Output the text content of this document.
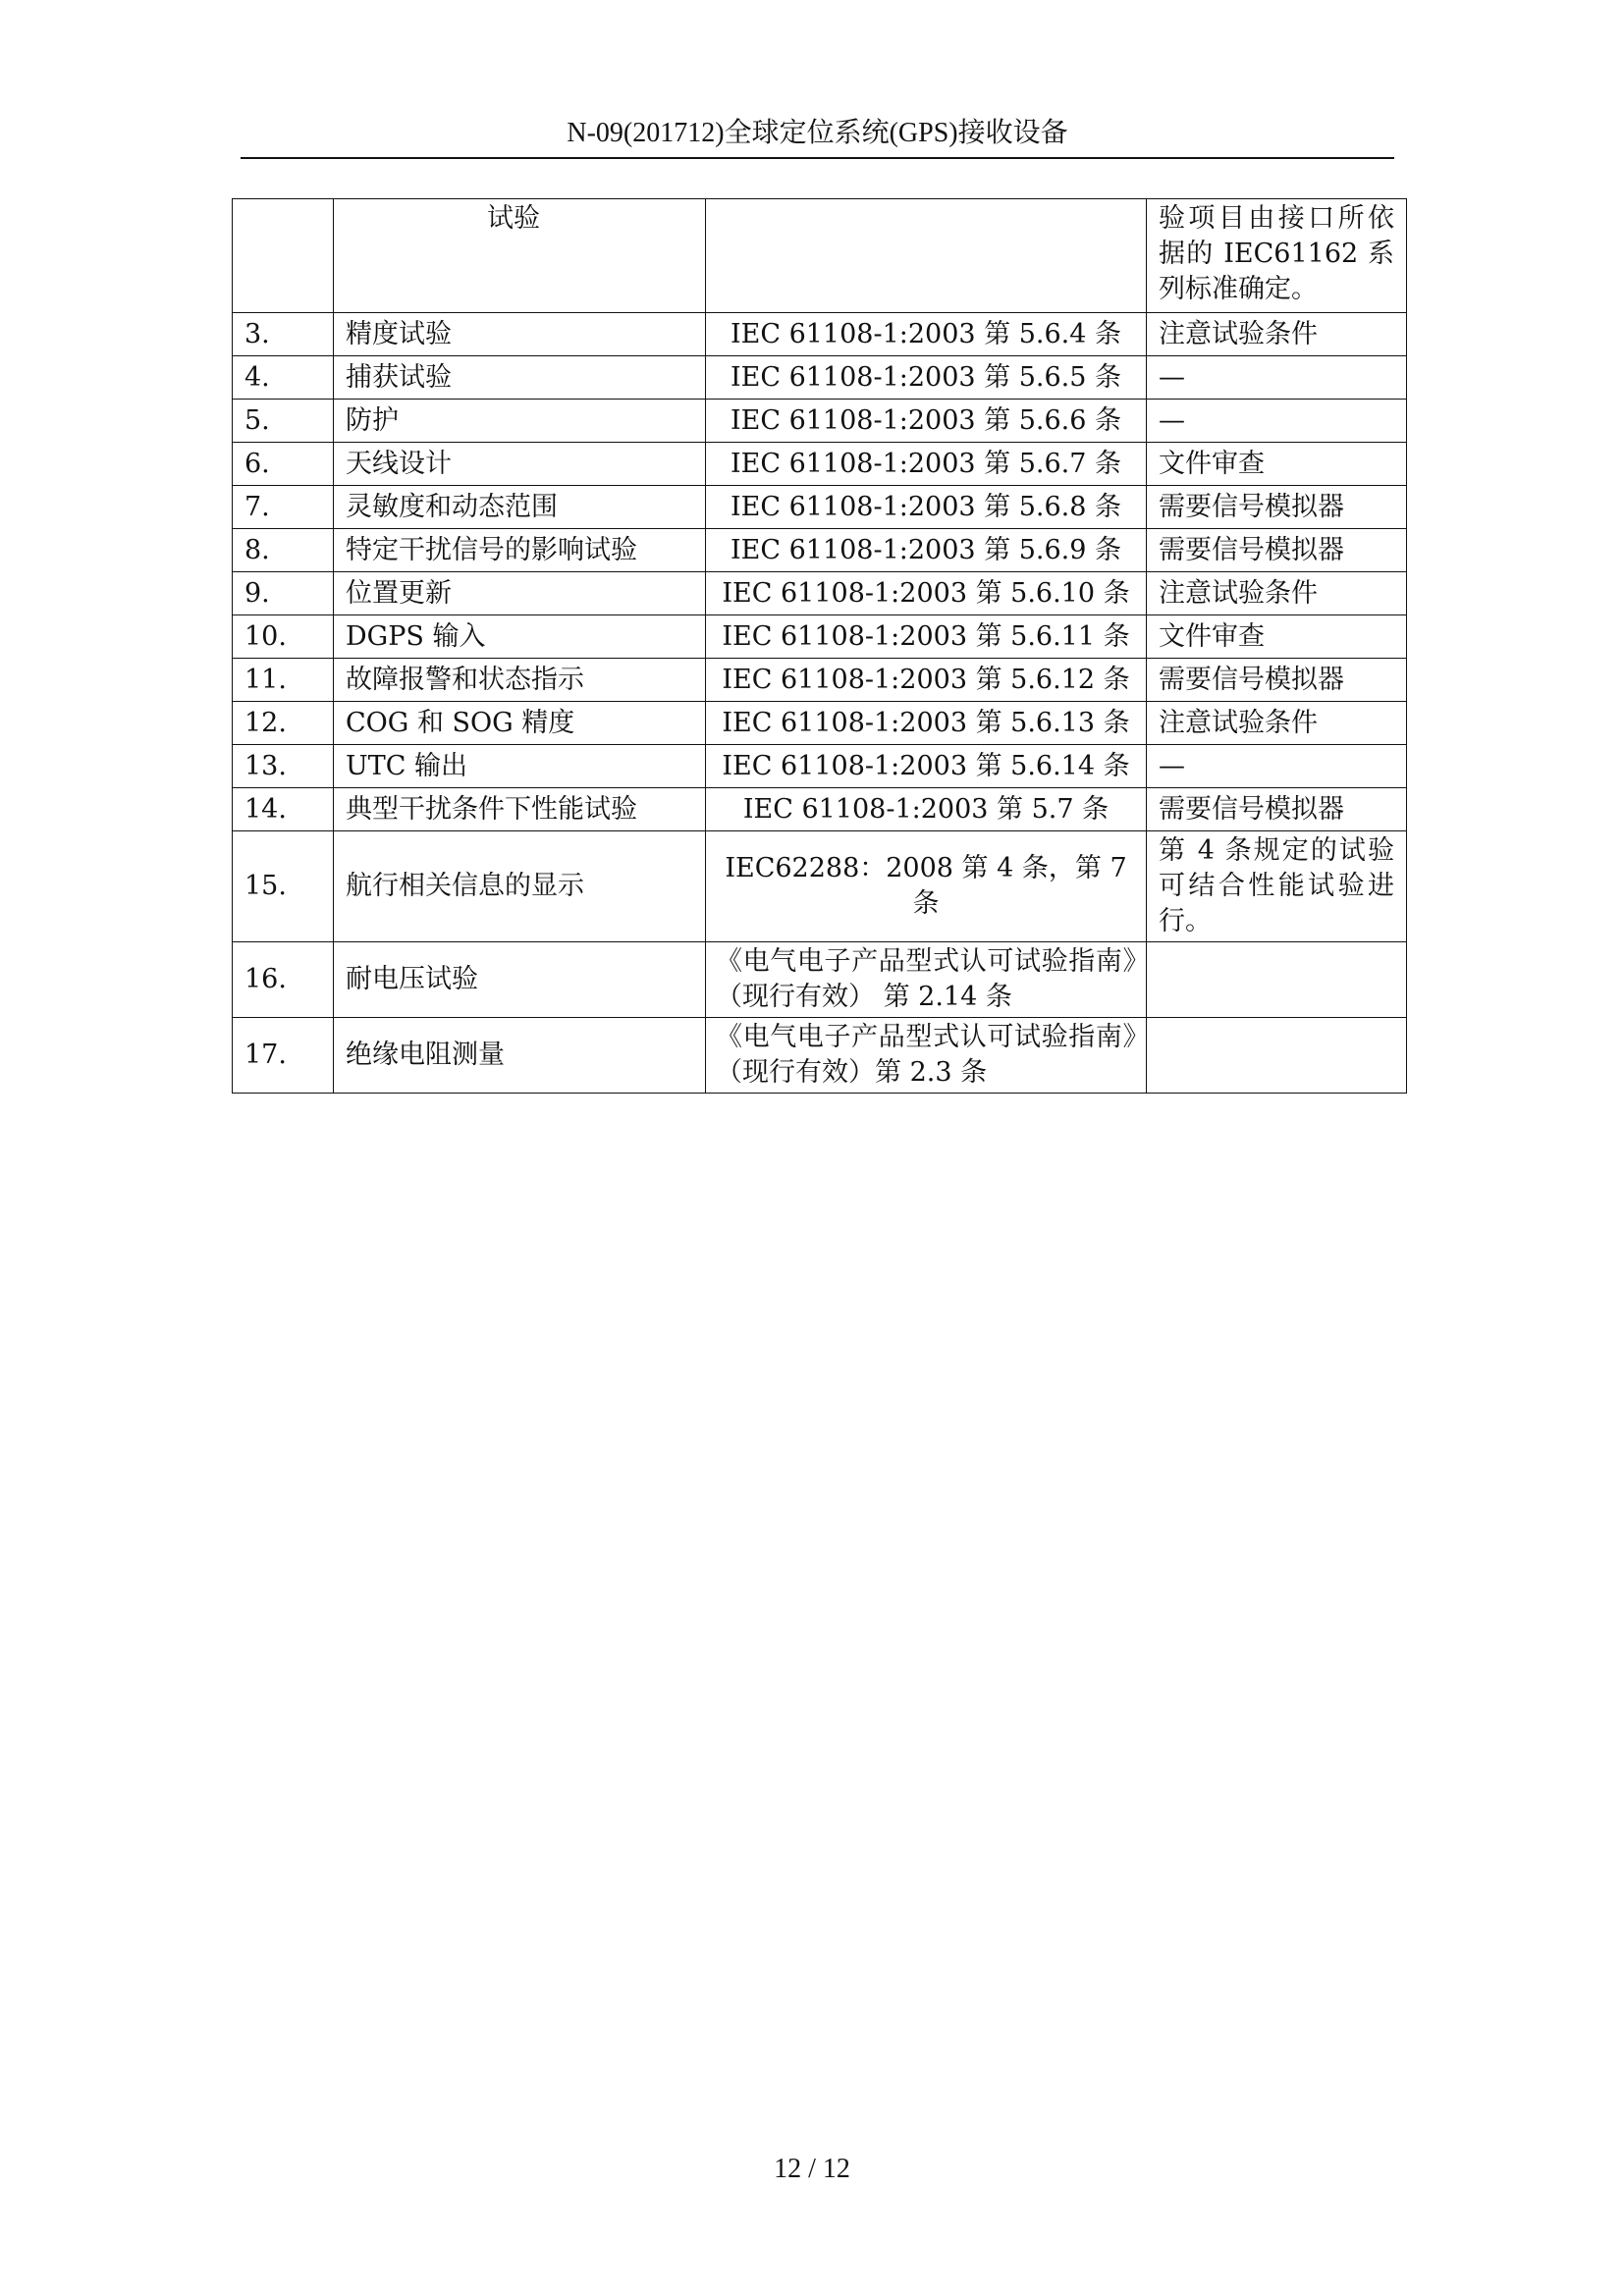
N-09(201712)全球定位系统(GPS)接收设备
	试验		验项目由接口所依据的 IEC61162 系列标准确定。
3.	精度试验	IEC 61108-1:2003 第 5.6.4 条	注意试验条件
4.	捕获试验	IEC 61108-1:2003 第 5.6.5 条	—
5.	防护	IEC 61108-1:2003 第 5.6.6 条	—
6.	天线设计	IEC 61108-1:2003 第 5.6.7 条	文件审查
7.	灵敏度和动态范围	IEC 61108-1:2003 第 5.6.8 条	需要信号模拟器
8.	特定干扰信号的影响试验	IEC 61108-1:2003 第 5.6.9 条	需要信号模拟器
9.	位置更新	IEC 61108-1:2003 第 5.6.10 条	注意试验条件
10.	DGPS 输入	IEC 61108-1:2003 第 5.6.11 条	文件审查
11.	故障报警和状态指示	IEC 61108-1:2003 第 5.6.12 条	需要信号模拟器
12.	COG 和 SOG 精度	IEC 61108-1:2003 第 5.6.13 条	注意试验条件
13.	UTC 输出	IEC 61108-1:2003 第 5.6.14 条	—
14.	典型干扰条件下性能试验	IEC 61108-1:2003 第 5.7 条	需要信号模拟器
15.	航行相关信息的显示	IEC62288：2008 第 4 条，第 7 条	第 4 条规定的试验可结合性能试验进行。
16.	耐电压试验	《电气电子产品型式认可试验指南》（现行有效） 第 2.14 条	
17.	绝缘电阻测量	《电气电子产品型式认可试验指南》（现行有效）第 2.3 条	
12 / 12
